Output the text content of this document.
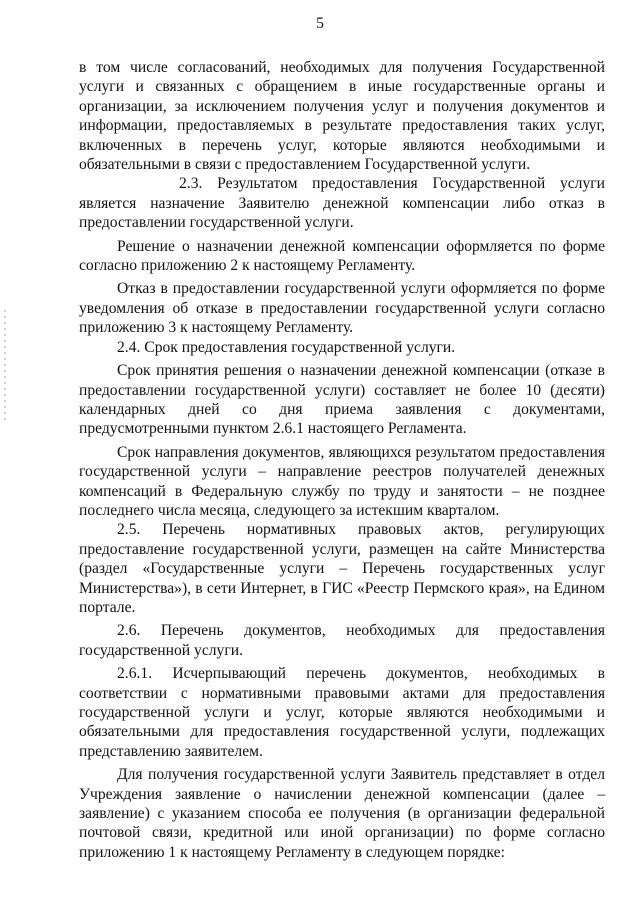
5

в том числе согласований, необходимых для получения Государственной услуги и связанных с обращением в иные государственные органы и организации, за исключением получения услуг и получения документов и информации, предоставляемых в результате предоставления таких услуг, включенных в перечень услуг, которые являются необходимыми и обязательными в связи с предоставлением Государственной услуги.

2.3. Результатом предоставления Государственной услуги является назначение Заявителю денежной компенсации либо отказ в предоставлении государственной услуги.

Решение о назначении денежной компенсации оформляется по форме согласно приложению 2 к настоящему Регламенту.

Отказ в предоставлении государственной услуги оформляется по форме уведомления об отказе в предоставлении государственной услуги согласно приложению 3 к настоящему Регламенту.

2.4. Срок предоставления государственной услуги.

Срок принятия решения о назначении денежной компенсации (отказе в предоставлении государственной услуги) составляет не более 10 (десяти) календарных дней со дня приема заявления с документами, предусмотренными пунктом 2.6.1 настоящего Регламента.

Срок направления документов, являющихся результатом предоставления государственной услуги – направление реестров получателей денежных компенсаций в Федеральную службу по труду и занятости – не позднее последнего числа месяца, следующего за истекшим кварталом.

2.5. Перечень нормативных правовых актов, регулирующих предоставление государственной услуги, размещен на сайте Министерства (раздел «Государственные услуги – Перечень государственных услуг Министерства»), в сети Интернет, в ГИС «Реестр Пермского края», на Едином портале.

2.6. Перечень документов, необходимых для предоставления государственной услуги.

2.6.1. Исчерпывающий перечень документов, необходимых в соответствии с нормативными правовыми актами для предоставления государственной услуги и услуг, которые являются необходимыми и обязательными для предоставления государственной услуги, подлежащих представлению заявителем.

Для получения государственной услуги Заявитель представляет в отдел Учреждения заявление о начислении денежной компенсации (далее – заявление) с указанием способа ее получения (в организации федеральной почтовой связи, кредитной или иной организации) по форме согласно приложению 1 к настоящему Регламенту в следующем порядке:
